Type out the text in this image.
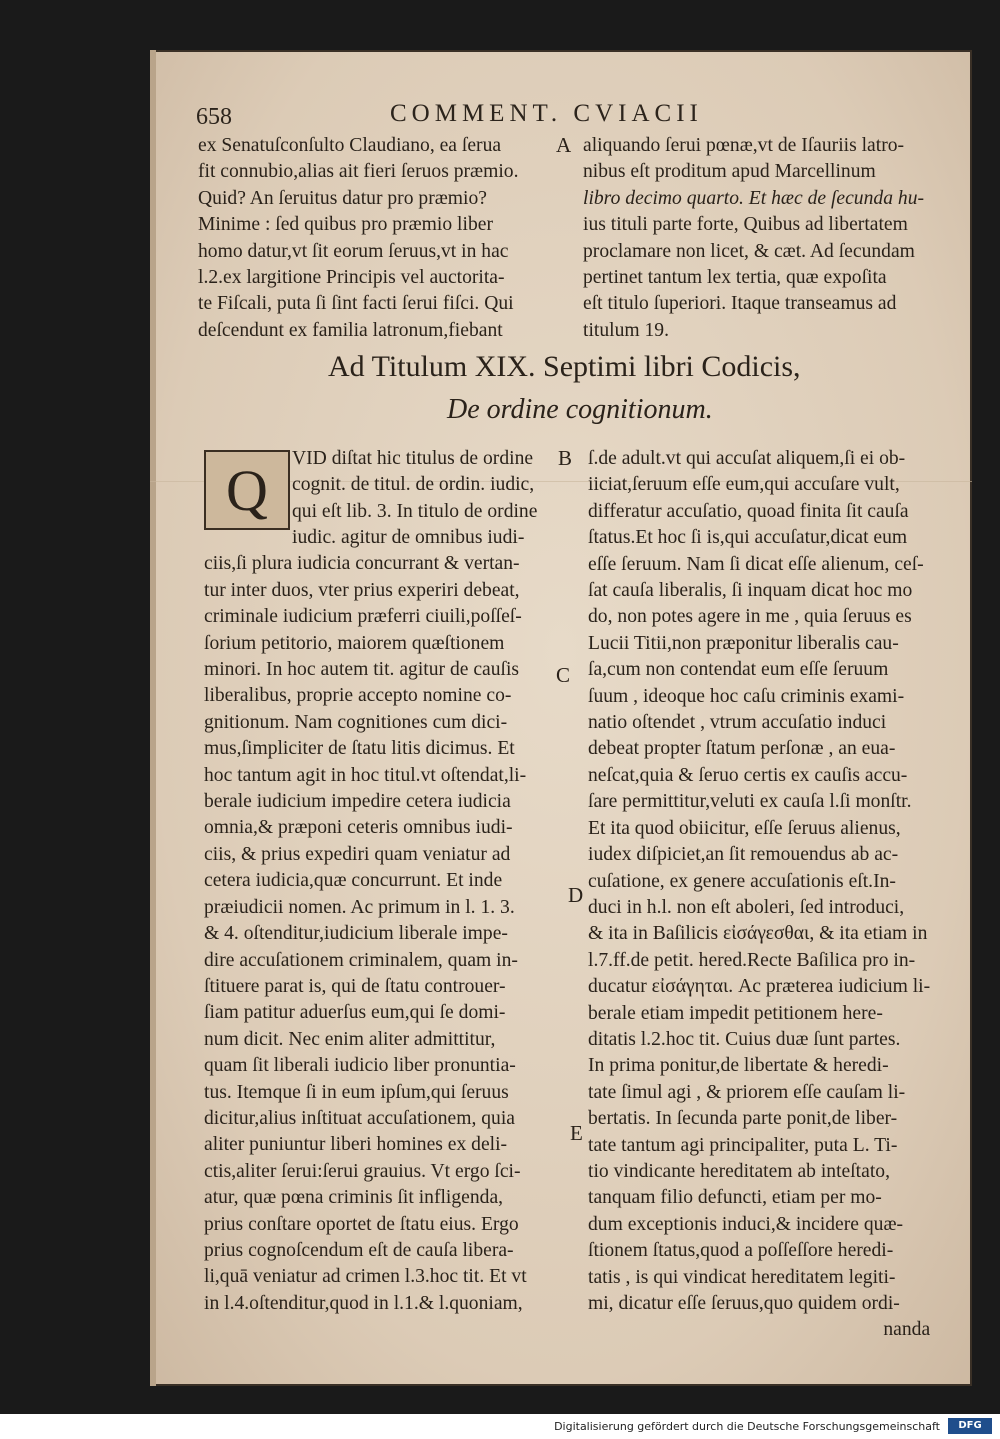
658	COMMENT. CVIACII

ex Senatuſconſulto Claudiano, ea ſerua

fit connubio,alias ait fieri ſeruos præmio.

Quid? An ſeruitus datur pro præmio?

Minime : ſed quibus pro præmio liber

homo datur,vt ſit eorum ſeruus,vt in hac

l.2.ex largitione Principis vel auctorita-

te Fiſcali, puta ſi ſint facti ſerui fiſci. Qui

deſcendunt ex familia latronum,fiebant

A aliquando ſerui pœnæ,vt de Iſauriis latro-

nibus eſt proditum apud Marcellinum

libro decimo quarto. Et hæc de ſecunda hu-

ius tituli parte forte, Quibus ad libertatem

proclamare non licet, & cæt. Ad ſecundam

pertinet tantum lex tertia, quæ expoſita

eſt titulo ſuperiori. Itaque transeamus ad

titulum 19.

Ad Titulum XIX. Septimi libri Codicis,
De ordine cognitionum.
Q	VID diſtat hic titulus de ordine

cognit. de titul. de ordin. iudic,

qui eſt lib. 3. In titulo de ordine

B

iudic. agitur de omnibus iudi-

ciis,ſi plura iudicia concurrant & vertan-

tur inter duos, vter prius experiri debeat,

criminale iudicium præferri ciuili,poſſeſ-

ſorium petitorio, maiorem quæſtionem

minori. In hoc autem tit. agitur de cauſis

liberalibus, proprie accepto nomine co-

gnitionum. Nam cognitiones cum dici-

mus,ſimpliciter de ſtatu litis dicimus. Et

hoc tantum agit in hoc titul.vt oſtendat,li-

berale iudicium impedire cetera iudicia

omnia,& præponi ceteris omnibus iudi-

ciis, & prius expediri quam veniatur ad

cetera iudicia,quæ concurrunt. Et inde

præiudicii nomen. Ac primum in l. 1. 3.

& 4. oſtenditur,iudicium liberale impe-

dire accuſationem criminalem, quam in-

ſtituere parat is, qui de ſtatu controuer-

ſiam patitur aduerſus eum,qui ſe domi-

num dicit. Nec enim aliter admittitur,

quam ſit liberali iudicio liber pronuntia-

tus. Itemque ſi in eum ipſum,qui ſeruus

dicitur,alius inſtituat accuſationem, quia

aliter puniuntur liberi homines ex deli-

ctis,aliter ſerui:ſerui grauius. Vt ergo ſci-

atur, quæ pœna criminis ſit infligenda,

prius conſtare oportet de ſtatu eius. Ergo

prius cognoſcendum eſt de cauſa libera-

li,quā veniatur ad crimen l.3.hoc tit. Et vt

in l.4.oſtenditur,quod in l.1.& l.quoniam,

C
D
E

ſ.de adult.vt qui accuſat aliquem,ſi ei ob-

iiciat,ſeruum eſſe eum,qui accuſare vult,

differatur accuſatio, quoad finita ſit cauſa

ſtatus.Et hoc ſi is,qui accuſatur,dicat eum

eſſe ſeruum. Nam ſi dicat eſſe alienum, ceſ-

ſat cauſa liberalis, ſi inquam dicat hoc mo

do, non potes agere in me , quia ſeruus es

Lucii Titii,non præponitur liberalis cau-

ſa,cum non contendat eum eſſe ſeruum

ſuum , ideoque hoc caſu criminis exami-

natio oſtendet , vtrum accuſatio induci

debeat propter ſtatum perſonæ , an eua-

neſcat,quia & ſeruo certis ex cauſis accu-

ſare permittitur,veluti ex cauſa l.ſi monſtr.

Et ita quod obiicitur, eſſe ſeruus alienus,

iudex diſpiciet,an ſit remouendus ab ac-

cuſatione, ex genere accuſationis eſt.In-

duci in h.l. non eſt aboleri, ſed introduci,

& ita in Baſilicis εἰσάγεσθαι, & ita etiam in

l.7.ff.de petit. hered.Recte Baſilica pro in-

ducatur εἰσάγηται. Ac præterea iudicium li-

berale etiam impedit petitionem here-

ditatis l.2.hoc tit. Cuius duæ ſunt partes.

In prima ponitur,de libertate & heredi-

tate ſimul agi , & priorem eſſe cauſam li-

bertatis. In ſecunda parte ponit,de liber-

tate tantum agi principaliter, puta L. Ti-

tio vindicante hereditatem ab inteſtato,

tanquam filio defuncti, etiam per mo-

dum exceptionis induci,& incidere quæ-

ſtionem ſtatus,quod a poſſeſſore heredi-

tatis , is qui vindicat hereditatem legiti-

mi, dicatur eſſe ſeruus,quo quidem ordi-

nanda

Digitalisierung gefördert durch die Deutsche Forschungsgemeinschaft	DFG
